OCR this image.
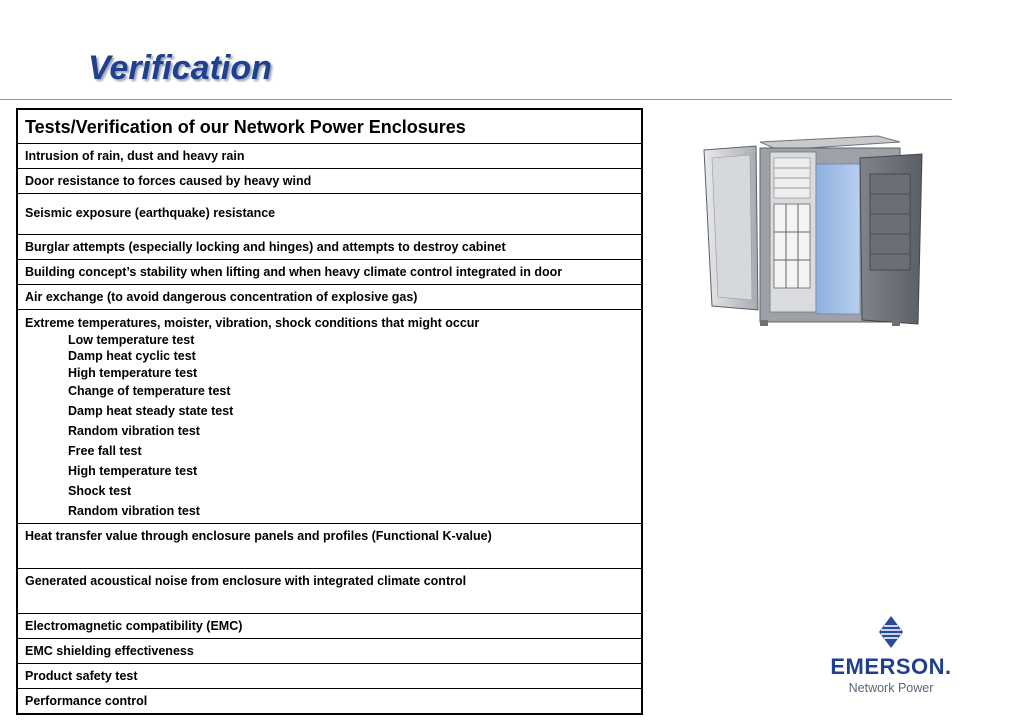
Verification
Tests/Verification of our Network Power Enclosures
Intrusion of rain, dust and heavy rain
Door resistance to forces caused by heavy wind
Seismic exposure (earthquake) resistance
Burglar attempts (especially locking and hinges) and attempts to destroy cabinet
Building concept’s stability when lifting and when heavy climate control integrated in door
Air exchange (to avoid dangerous concentration of explosive gas)
Extreme temperatures, moister, vibration, shock conditions that might occur
Low temperature test
Damp heat cyclic test
High temperature test
Change of temperature test
Damp heat steady state test
Random vibration test
Free fall test
High temperature test
Shock test
Random vibration test
Heat transfer value through enclosure panels and profiles (Functional K-value)
Generated acoustical noise from enclosure with integrated climate control
Electromagnetic compatibility (EMC)
EMC shielding effectiveness
Product safety test
Performance control
EMERSON.
Network Power
